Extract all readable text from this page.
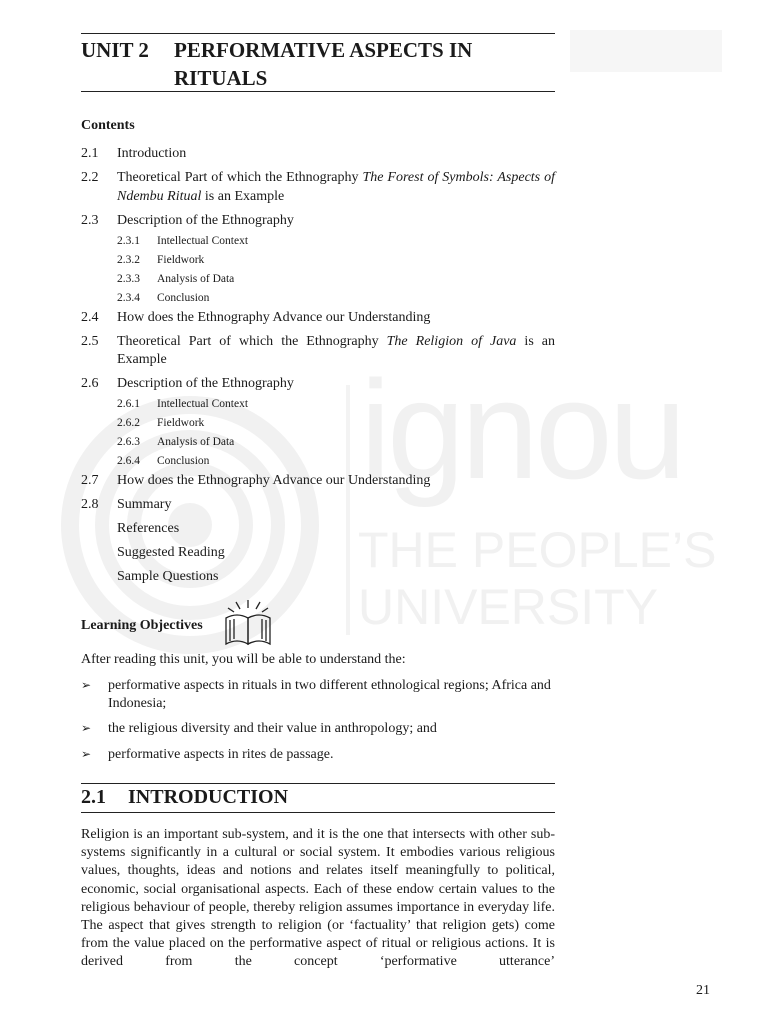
ignou
THE PEOPLE’S
UNIVERSITY
UNIT 2 PERFORMATIVE ASPECTS IN
RITUALS
Contents
2.1	Introduction
2.2	Theoretical Part of which the Ethnography The Forest of Symbols: Aspects of Ndembu Ritual is an Example
2.3	Description of the Ethnography
2.3.1	Intellectual Context
2.3.2	Fieldwork
2.3.3	Analysis of Data
2.3.4	Conclusion
2.4	How does the Ethnography Advance our Understanding
2.5	Theoretical Part of which the Ethnography The Religion of Java is an Example
2.6	Description of the Ethnography
2.6.1	Intellectual Context
2.6.2	Fieldwork
2.6.3	Analysis of Data
2.6.4	Conclusion
2.7	How does the Ethnography Advance our Understanding
2.8	Summary
References
Suggested Reading
Sample Questions
Learning Objectives
After reading this unit, you will be able to understand the:
➢	performative aspects in rituals in two different ethnological regions; Africa and Indonesia;
➢	the religious diversity and their value in anthropology; and
➢	performative aspects in rites de passage.
2.1 INTRODUCTION
Religion is an important sub-system, and it is the one that intersects with other sub-systems significantly in a cultural or social system. It embodies various religious values, thoughts, ideas and notions and relates itself meaningfully to political, economic, social organisational aspects. Each of these endow certain values to the religious behaviour of people, thereby religion assumes importance in everyday life. The aspect that gives strength to religion (or ‘factuality’ that religion gets) come from the value placed on the performative aspect of ritual or religious actions. It is derived from the concept ‘performative utterance’
21
